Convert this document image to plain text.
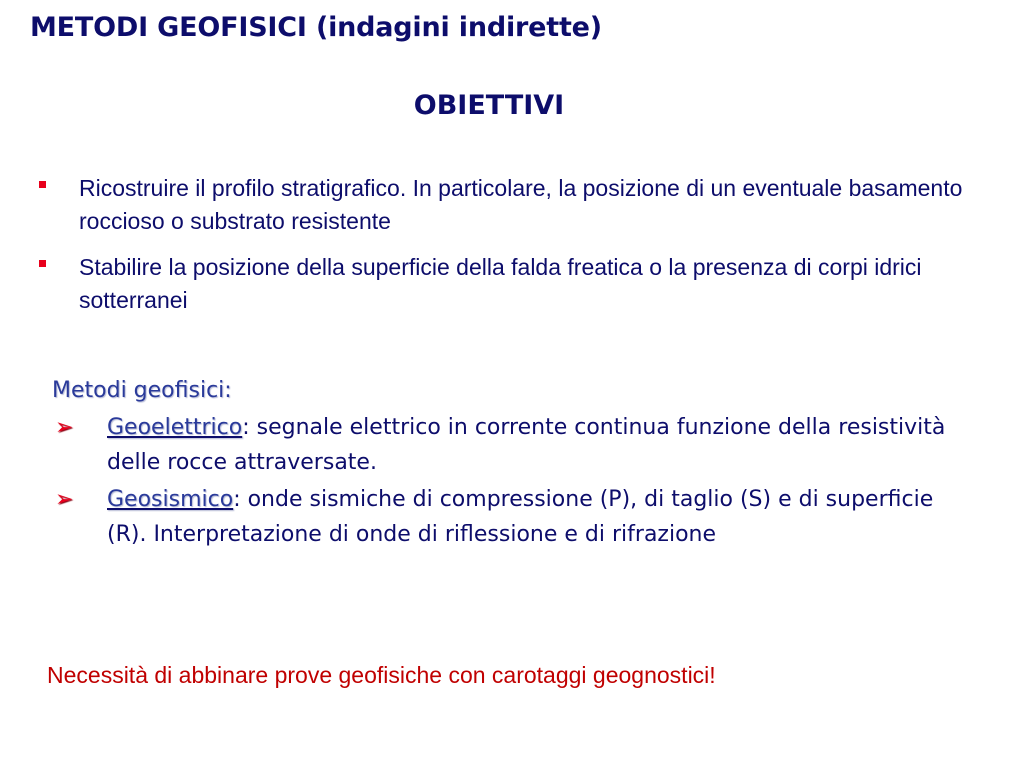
METODI GEOFISICI (indagini indirette)
OBIETTIVI
Ricostruire il profilo stratigrafico. In particolare, la posizione di un eventuale basamento roccioso o substrato resistente
Stabilire la posizione della superficie della falda freatica o la presenza di corpi idrici sotterranei

Metodi geofisici:

➢ Geoelettrico: segnale elettrico in corrente continua funzione della resistività delle rocce attraversate.
➢ Geosismico: onde sismiche di compressione (P), di taglio (S) e di superficie (R). Interpretazione di onde di riflessione e di rifrazione

Necessità di abbinare prove geofisiche con carotaggi geognostici!
